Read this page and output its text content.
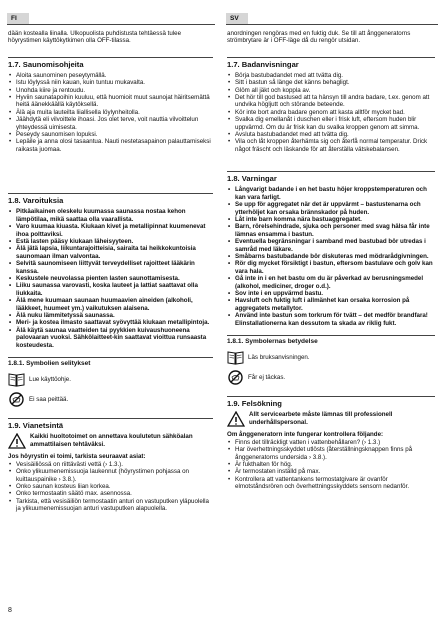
FI	SV

dään kostealla liinalla. Ulkopuolista puhdistusta tehtäessä tulee höyrystimen käyttökytkimen olla OFF-tilassa.

1.7. Saunomisohjeita
• Aloita saunominen peseytymällä.
• Istu löylyssä niin kauan, kuin tuntuu mukavalta.
• Unohda kiire ja rentoudu.
• Hyviin saunatapoihin kuuluu, että huomioit muut saunojat häiritsemättä heitä äänekkäällä käytöksellä.
• Älä aja muita lauteilta liiallisella löylynheitolla.
• Jäähdytä eli vilvoittele ihoasi. Jos olet terve, voit nauttia vilvoittelun yhteydessä uimisesta.
• Peseydy saunomisen lopuksi.
• Lepäile ja anna olosi tasaantua. Nauti nestetasapainon palauttamiseksi raikasta juomaa.
1.8. Varoituksia
• Pitkäaikainen oleskelu kuumassa saunassa nostaa kehon lämpötilaa, mikä saattaa olla vaarallista.
• Varo kuumaa kiuasta. Kiukaan kivet ja metallipinnat kuumenevat ihoa polttaviksi.
• Estä lasten pääsy kiukaan läheisyyteen.
• Älä jätä lapsia, liikuntarajoitteisia, sairaita tai heikkokuntoisia saunomaan ilman valvontaa.
• Selvitä saunomiseen liittyvät terveydelliset rajoitteet lääkärin kanssa.
• Keskustele neuvolassa pienten lasten saunottamisesta.
• Liiku saunassa varovasti, koska lauteet ja lattiat saattavat olla liukkaita.
• Älä mene kuumaan saunaan huumaavien aineiden (alkoholi, lääkkeet, huumeet ym.) vaikutuksen alaisena.
• Älä nuku lämmitetyssä saunassa.
• Meri- ja kostea ilmasto saattavat syövyttää kiukaan metallipintoja.
• Älä käytä saunaa vaatteiden tai pyykkien kuivaushuoneena palovaaran vuoksi. Sähkölaitteet-kin saattavat vioittua runsaasta kosteudesta.
1.8.1. Symbolien selitykset
Lue käyttöohje.
Ei saa peittää.
1.9. Vianetsintä
Kaikki huoltotoimet on annettava koulutetun sähköalan ammattilaisen tehtäväksi.

Jos höyrystin ei toimi, tarkista seuraavat asiat:

• Vesisäiliössä on riittävästi vettä (› 1.3.).
• Onko ylikuumenemissuoja laukennut (höyrystimen pohjassa on kuittauspainike › 3.8.).
• Onko saunan kosteus liian korkea.
• Onko termostaatin säätö max. asennossa.
• Tarkista, että vesisäiliön termostaatin anturi on vastuputken yläpuolella ja ylikuumenemissuojan anturi vastuputken alapuolella.

anordningen rengöras med en fuktig duk. Se till att ånggeneratorns strömbrytare är i OFF-läge då du rengör utsidan.

1.7. Badanvisningar
• Börja bastubadandet med att tvätta dig.
• Sitt i bastun så länge det känns behagligt.
• Glöm all jäkt och koppla av.
• Det hör till god bastused att ta hänsyn till andra badare, t.ex. genom att undvika högljutt och störande beteende.
• Kör inte bort andra badare genom att kasta alltför mycket bad.
• Svalka dig emellanåt i duschen eller i frisk luft, eftersom huden blir uppvärmd. Om du är frisk kan du svalka kroppen genom att simma.
• Avsluta bastubadandet med att tvätta dig.
• Vila och låt kroppen återhämta sig och återfå normal temperatur. Drick något fräscht och läskande för att återställa vätskebalansen.
1.8. Varningar
• Långvarigt badande i en het bastu höjer kroppstemperaturen och kan vara farligt.
• Se upp för aggregatet när det är uppvärmt – bastustenarna och ytterhöljet kan orsaka brännskador på huden.
• Låt inte barn komma nära bastuaggregatet.
• Barn, rörelsehindrade, sjuka och personer med svag hälsa får inte lämnas ensamma i bastun.
• Eventuella begränsningar i samband med bastubad bör utredas i samråd med läkare.
• Småbarns bastubadande bör diskuteras med mödrarådgivningen.
• Rör dig mycket försiktigt i bastun, eftersom bastulave och golv kan vara hala.
• Gå inte in i en het bastu om du är påverkad av berusningsmedel (alkohol, mediciner, droger o.d.).
• Sov inte i en uppvärmd bastu.
• Havsluft och fuktig luft i allmänhet kan orsaka korrosion på aggregatets metallytor.
• Använd inte bastun som torkrum för tvätt – det medför brandfara! Elinstallationerna kan dessutom ta skada av riklig fukt.
1.8.1. Symbolernas betydelse
Läs bruksanvisningen.
Får ej täckas.
1.9. Felsökning
Allt servicearbete måste lämnas till professionell underhållspersonal.

Om ånggeneratorn inte fungerar kontrollera följande:

• Finns det tillräckligt vatten i vattenbehållaren? (› 1.3.)
• Har överhettningsskyddet utlösts (återställningsknappen finns på ånggeneratorns undersida › 3.8.).
• Är fukthalten för hög.
• Är termostaten inställd på max.
• Kontrollera att vattentankens termostatgivare är ovanför elmotståndsrören och överhettningsskyddets sensorn nedanför.
8
